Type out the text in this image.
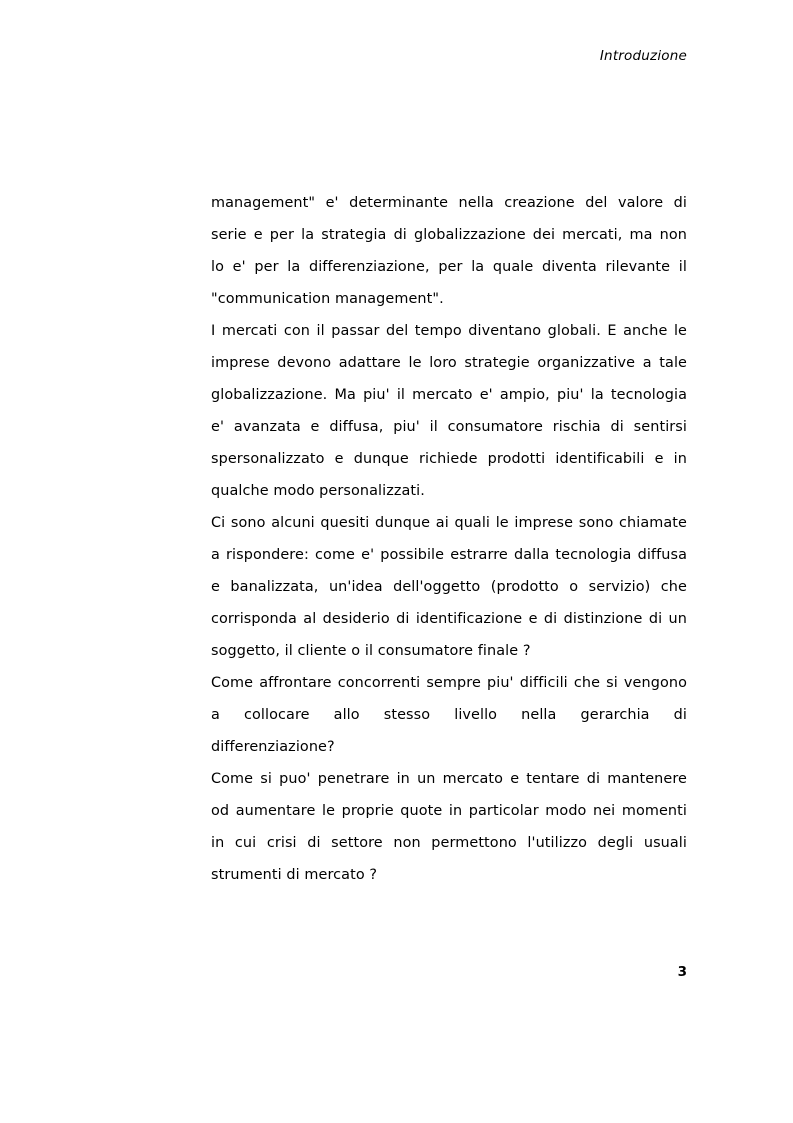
Introduzione
management" e' determinante nella creazione del valore di
serie e per la strategia di globalizzazione dei mercati, ma non
lo e' per la differenziazione, per la quale diventa rilevante il
"communication management".
I mercati con il passar del tempo diventano globali. E anche le
imprese devono adattare le loro strategie organizzative a tale
globalizzazione. Ma piu' il mercato e' ampio, piu' la tecnologia
e' avanzata e diffusa, piu' il consumatore rischia di sentirsi
spersonalizzato e dunque richiede prodotti identificabili e in
qualche modo personalizzati.
Ci sono alcuni quesiti dunque ai quali le imprese sono chiamate
a rispondere: come e' possibile estrarre dalla tecnologia diffusa
e banalizzata, un'idea dell'oggetto (prodotto o servizio) che
corrisponda al desiderio di identificazione e di distinzione di un
soggetto, il cliente o il consumatore finale ?
Come affrontare concorrenti sempre piu' difficili che si vengono
a collocare allo stesso livello nella gerarchia di
differenziazione?
Come si puo' penetrare in un mercato e tentare di mantenere
od aumentare le proprie quote in particolar modo nei momenti
in cui crisi di settore non permettono l'utilizzo degli usuali
strumenti di mercato ?
3
